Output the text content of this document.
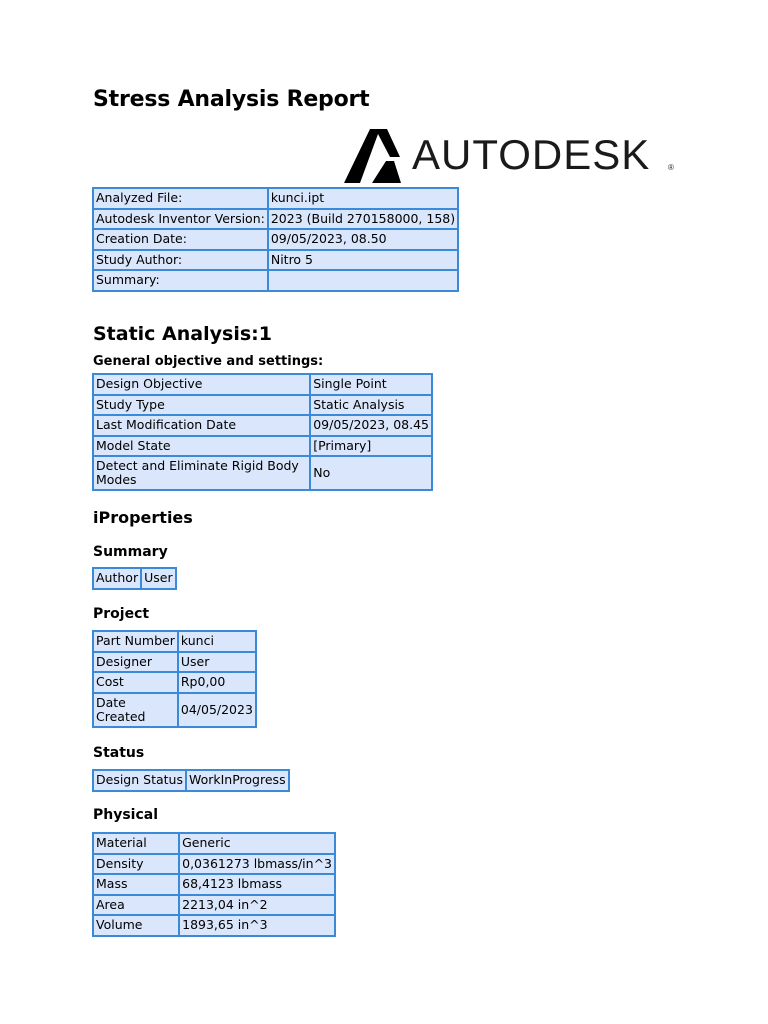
Stress Analysis Report
AUTODESK ®
Analyzed File:	kunci.ipt
Autodesk Inventor Version:	2023 (Build 270158000, 158)
Creation Date:	09/05/2023, 08.50
Study Author:	Nitro 5
Summary:	
Static Analysis:1
General objective and settings:
Design Objective	Single Point
Study Type	Static Analysis
Last Modification Date	09/05/2023, 08.45
Model State	[Primary]
Detect and Eliminate Rigid Body Modes	No
iProperties
Summary
Author	User
Project
Part Number	kunci
Designer	User
Cost	Rp0,00
Date Created	04/05/2023
Status
Design Status	WorkInProgress
Physical
Material	Generic
Density	0,0361273 lbmass/in^3
Mass	68,4123 lbmass
Area	2213,04 in^2
Volume	1893,65 in^3
